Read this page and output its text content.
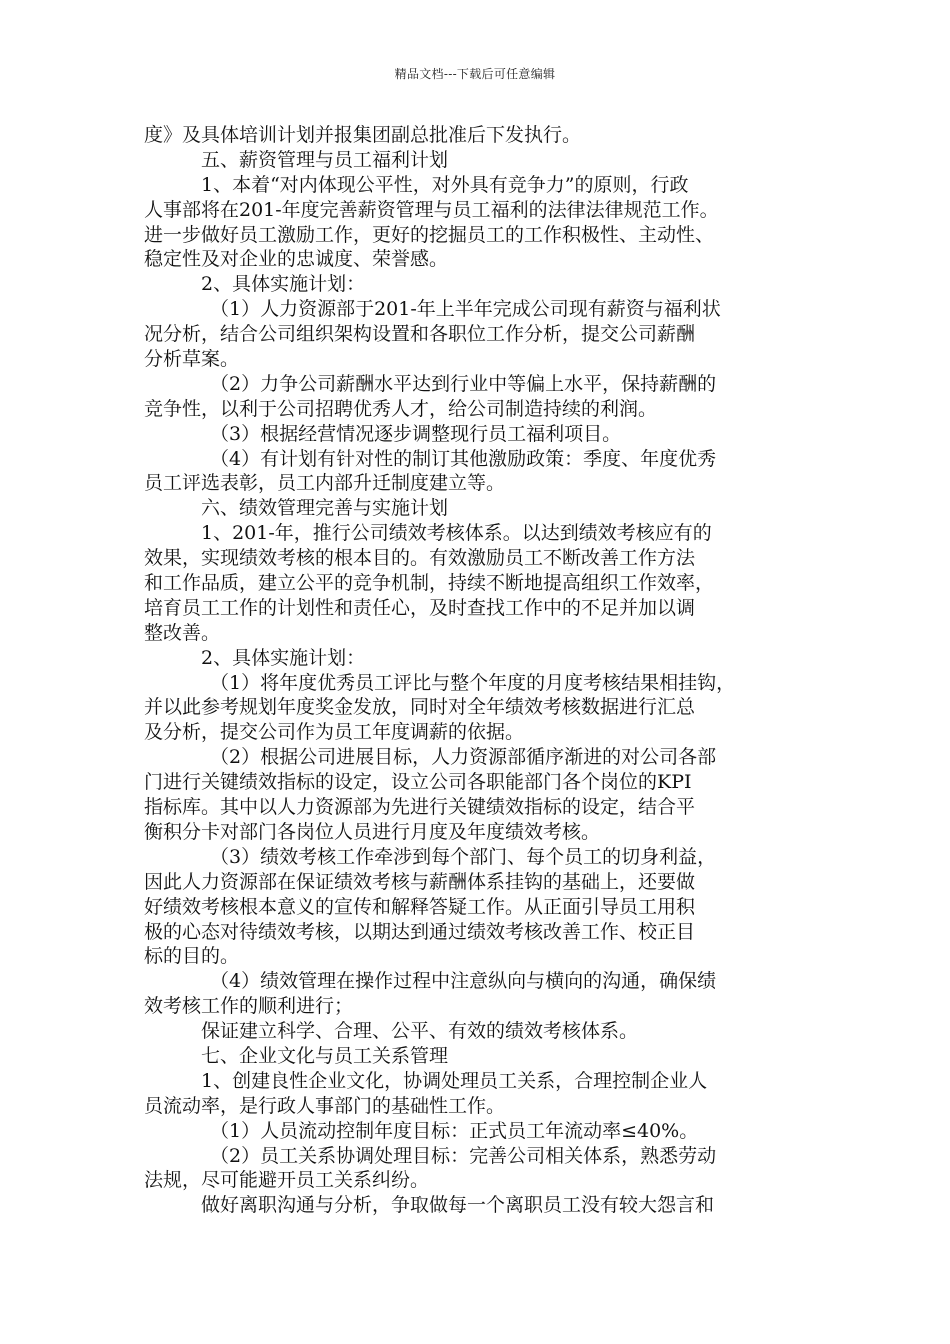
精品文档---下载后可任意编辑
度》及具体培训计划并报集团副总批准后下发执行。
五、薪资管理与员工福利计划
1、本着“对内体现公平性，对外具有竞争力”的原则，行政
人事部将在201-年度完善薪资管理与员工福利的法律法律规范工作。
进一步做好员工激励工作，更好的挖掘员工的工作积极性、主动性、
稳定性及对企业的忠诚度、荣誉感。
2、具体实施计划：
（1）人力资源部于201-年上半年完成公司现有薪资与福利状
况分析，结合公司组织架构设置和各职位工作分析，提交公司薪酬
分析草案。
（2）力争公司薪酬水平达到行业中等偏上水平，保持薪酬的
竞争性，以利于公司招聘优秀人才，给公司制造持续的利润。
（3）根据经营情况逐步调整现行员工福利项目。
（4）有计划有针对性的制订其他激励政策：季度、年度优秀
员工评选表彰，员工内部升迁制度建立等。
六、绩效管理完善与实施计划
1、201-年，推行公司绩效考核体系。以达到绩效考核应有的
效果，实现绩效考核的根本目的。有效激励员工不断改善工作方法
和工作品质，建立公平的竞争机制，持续不断地提高组织工作效率，
培育员工工作的计划性和责任心，及时查找工作中的不足并加以调
整改善。
2、具体实施计划：
（1）将年度优秀员工评比与整个年度的月度考核结果相挂钩，
并以此参考规划年度奖金发放，同时对全年绩效考核数据进行汇总
及分析，提交公司作为员工年度调薪的依据。
（2）根据公司进展目标，人力资源部循序渐进的对公司各部
门进行关键绩效指标的设定，设立公司各职能部门各个岗位的KPI
指标库。其中以人力资源部为先进行关键绩效指标的设定，结合平
衡积分卡对部门各岗位人员进行月度及年度绩效考核。
（3）绩效考核工作牵涉到每个部门、每个员工的切身利益，
因此人力资源部在保证绩效考核与薪酬体系挂钩的基础上，还要做
好绩效考核根本意义的宣传和解释答疑工作。从正面引导员工用积
极的心态对待绩效考核，以期达到通过绩效考核改善工作、校正目
标的目的。
（4）绩效管理在操作过程中注意纵向与横向的沟通，确保绩
效考核工作的顺利进行；
保证建立科学、合理、公平、有效的绩效考核体系。
七、企业文化与员工关系管理
1、创建良性企业文化，协调处理员工关系，合理控制企业人
员流动率，是行政人事部门的基础性工作。
（1）人员流动控制年度目标：正式员工年流动率≤40%。
（2）员工关系协调处理目标：完善公司相关体系，熟悉劳动
法规，尽可能避开员工关系纠纷。
做好离职沟通与分析，争取做每一个离职员工没有较大怨言和
